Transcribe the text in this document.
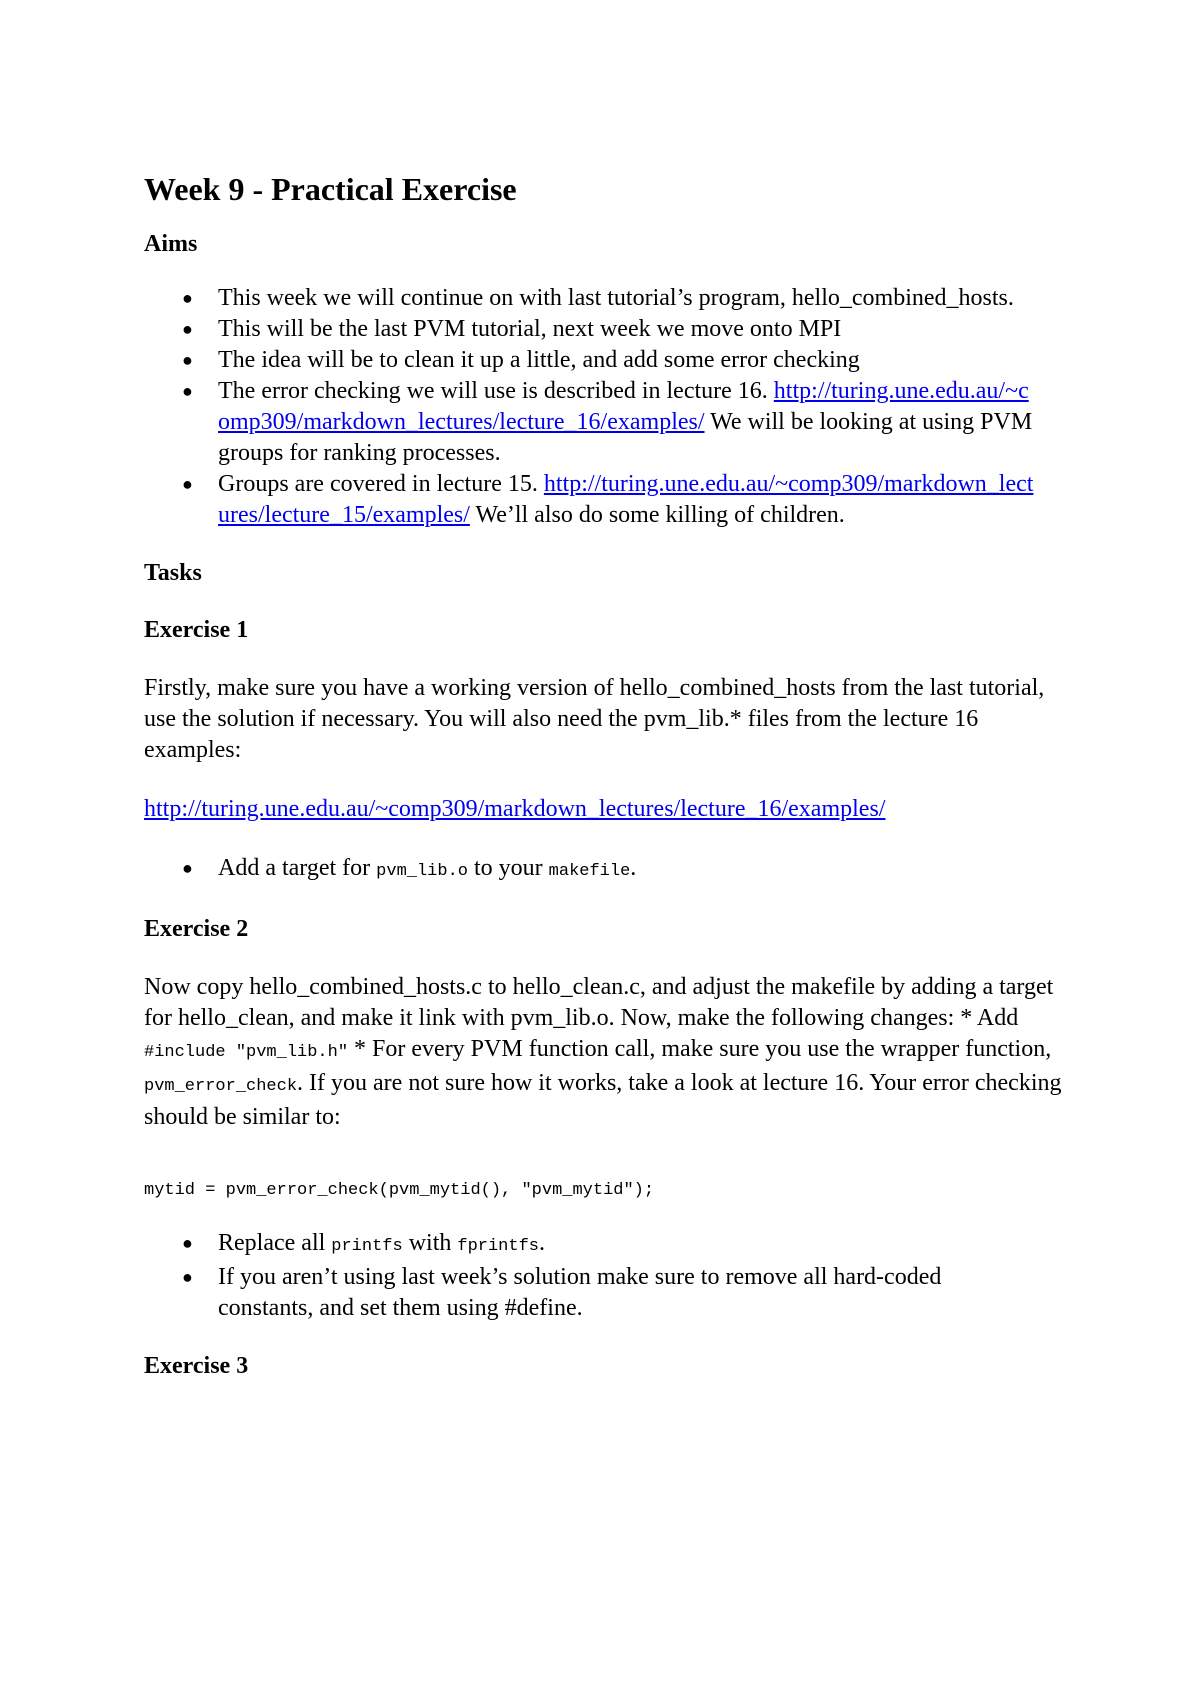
Week 9 - Practical Exercise
Aims
● This week we will continue on with last tutorial’s program, hello_combined_hosts.
● This will be the last PVM tutorial, next week we move onto MPI
● The idea will be to clean it up a little, and add some error checking
● The error checking we will use is described in lecture 16. http://turing.une.edu.au/~comp309/markdown_lectures/lecture_16/examples/ We will be looking at using PVM groups for ranking processes.
● Groups are covered in lecture 15. http://turing.une.edu.au/~comp309/markdown_lectures/lecture_15/examples/ We’ll also do some killing of children.
Tasks
Exercise 1

Firstly, make sure you have a working version of hello_combined_hosts from the last tutorial, use the solution if necessary. You will also need the pvm_lib.* files from the lecture 16 examples:

http://turing.une.edu.au/~comp309/markdown_lectures/lecture_16/examples/

● Add a target for pvm_lib.o to your makefile.
Exercise 2

Now copy hello_combined_hosts.c to hello_clean.c, and adjust the makefile by adding a target for hello_clean, and make it link with pvm_lib.o. Now, make the following changes: * Add #include "pvm_lib.h" * For every PVM function call, make sure you use the wrapper function, pvm_error_check. If you are not sure how it works, take a look at lecture 16. Your error checking should be similar to:

mytid = pvm_error_check(pvm_mytid(), "pvm_mytid");

● Replace all printfs with fprintfs.
● If you aren’t using last week’s solution make sure to remove all hard-coded constants, and set them using #define.
Exercise 3
